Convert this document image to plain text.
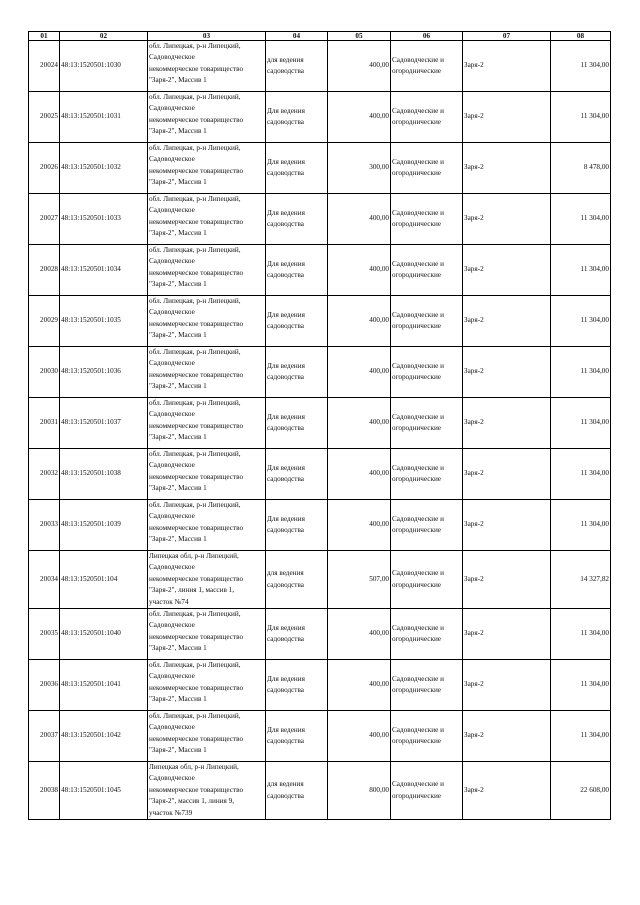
01	02	03	04	05	06	07	08
20024	48:13:1520501:1030	обл. Липецкая, р-н Липецкий,
Садоводческое
некоммерческое товарищество
"Заря-2", Массив 1	для ведения садоводства	400,00	Садоводческие и огороднические	Заря-2	11 304,00
20025	48:13:1520501:1031	обл. Липецкая, р-н Липецкий,
Садоводческое
некоммерческое товарищество
"Заря-2", Массив 1	Для ведения садоводства	400,00	Садоводческие и огороднические	Заря-2	11 304,00
20026	48:13:1520501:1032	обл. Липецкая, р-н Липецкий,
Садоводческое
некоммерческое товарищество
"Заря-2", Массив 1	Для ведения садоводства	300,00	Садоводческие и огороднические	Заря-2	8 478,00
20027	48:13:1520501:1033	обл. Липецкая, р-н Липецкий,
Садоводческое
некоммерческое товарищество
"Заря-2", Массив 1	Для ведения садоводства	400,00	Садоводческие и огороднические	Заря-2	11 304,00
20028	48:13:1520501:1034	обл. Липецкая, р-н Липецкий,
Садоводческое
некоммерческое товарищество
"Заря-2", Массив 1	Для ведения садоводства	400,00	Садоводческие и огороднические	Заря-2	11 304,00
20029	48:13:1520501:1035	обл. Липецкая, р-н Липецкий,
Садоводческое
некоммерческое товарищество
"Заря-2", Массив 1	Для ведения садоводства	400,00	Садоводческие и огороднические	Заря-2	11 304,00
20030	48:13:1520501:1036	обл. Липецкая, р-н Липецкий,
Садоводческое
некоммерческое товарищество
"Заря-2", Массив 1	Для ведения садоводства	400,00	Садоводческие и огороднические	Заря-2	11 304,00
20031	48:13:1520501:1037	обл. Липецкая, р-н Липецкий,
Садоводческое
некоммерческое товарищество
"Заря-2", Массив 1	Для ведения садоводства	400,00	Садоводческие и огороднические	Заря-2	11 304,00
20032	48:13:1520501:1038	обл. Липецкая, р-н Липецкий,
Садоводческое
некоммерческое товарищество
"Заря-2", Массив 1	Для ведения садоводства	400,00	Садоводческие и огороднические	Заря-2	11 304,00
20033	48:13:1520501:1039	обл. Липецкая, р-н Липецкий,
Садоводческое
некоммерческое товарищество
"Заря-2", Массив 1	Для ведения садоводства	400,00	Садоводческие и огороднические	Заря-2	11 304,00
20034	48:13:1520501:104	Липецкая обл, р-н Липецкий,
Садоводческое
некоммерческое товарищество
"Заря-2", линия 1, массив 1,
участок №74	для ведения садоводства	507,00	Садоводческие и огороднические	Заря-2	14 327,82
20035	48:13:1520501:1040	обл. Липецкая, р-н Липецкий,
Садоводческое
некоммерческое товарищество
"Заря-2", Массив 1	Для ведения садоводства	400,00	Садоводческие и огороднические	Заря-2	11 304,00
20036	48:13:1520501:1041	обл. Липецкая, р-н Липецкий,
Садоводческое
некоммерческое товарищество
"Заря-2", Массив 1	Для ведения садоводства	400,00	Садоводческие и огороднические	Заря-2	11 304,00
20037	48:13:1520501:1042	обл. Липецкая, р-н Липецкий,
Садоводческое
некоммерческое товарищество
"Заря-2", Массив 1	Для ведения садоводства	400,00	Садоводческие и огороднические	Заря-2	11 304,00
20038	48:13:1520501:1045	Липецкая обл, р-н Липецкий,
Садоводческое
некоммерческое товарищество
"Заря-2", массив 1, линия 9,
участок №739	для ведения садоводства	800,00	Садоводческие и огороднические	Заря-2	22 608,00
